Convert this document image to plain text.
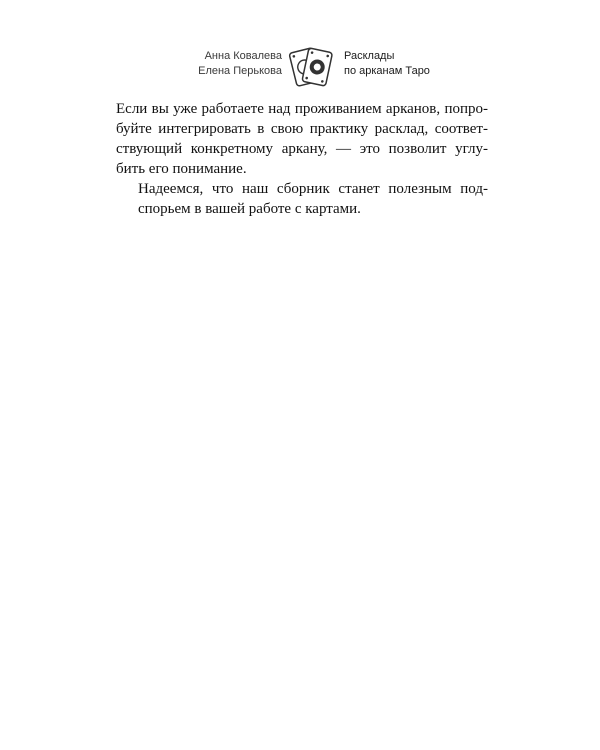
Анна Ковалева
Елена Перькова
Расклады
по арканам Таро

Если вы уже работаете над проживанием арканов, попро-
буйте интегрировать в свою практику расклад, соответ-
ствующий конкретному аркану, — это позволит углу-
бить его понимание.

Надеемся, что наш сборник станет полезным под-
спорьем в вашей работе с картами.
